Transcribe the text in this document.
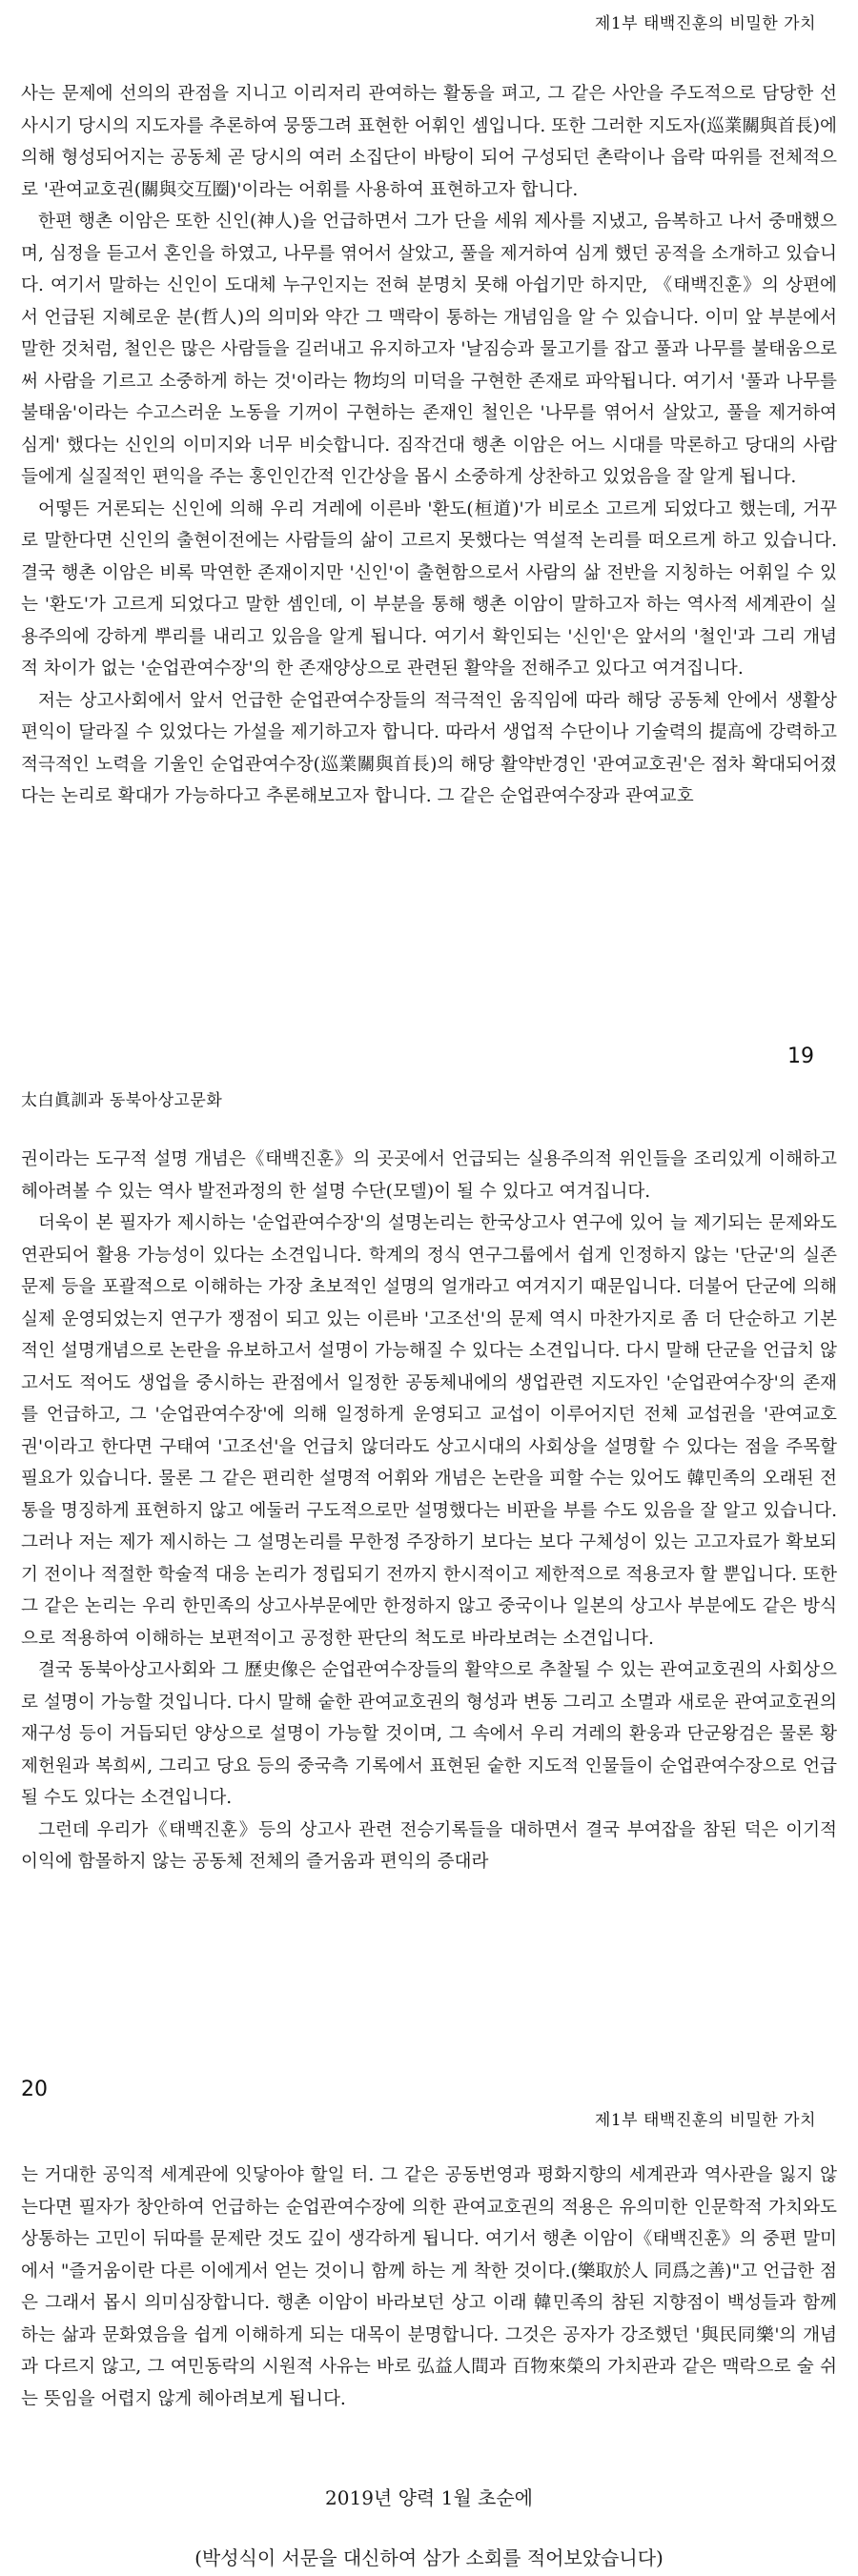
제1부 태백진훈의 비밀한 가치

사는 문제에 선의의 관점을 지니고 이리저리 관여하는 활동을 펴고, 그 같은 사안을 주도적으로 담당한 선사시기 당시의 지도자를 추론하여 뭉뚱그려 표현한 어휘인 셈입니다. 또한 그러한 지도자(巡業關與首長)에 의해 형성되어지는 공동체 곧 당시의 여러 소집단이 바탕이 되어 구성되던 촌락이나 읍락 따위를 전체적으로 '관여교호권(關與交互圈)'이라는 어휘를 사용하여 표현하고자 합니다.

한편 행촌 이암은 또한 신인(神人)을 언급하면서 그가 단을 세워 제사를 지냈고, 음복하고 나서 중매했으며, 심정을 듣고서 혼인을 하였고, 나무를 엮어서 살았고, 풀을 제거하여 심게 했던 공적을 소개하고 있습니다. 여기서 말하는 신인이 도대체 누구인지는 전혀 분명치 못해 아쉽기만 하지만, 《태백진훈》의 상편에서 언급된 지혜로운 분(哲人)의 의미와 약간 그 맥락이 통하는 개념임을 알 수 있습니다. 이미 앞 부분에서 말한 것처럼, 철인은 많은 사람들을 길러내고 유지하고자 '날짐승과 물고기를 잡고 풀과 나무를 불태움으로써 사람을 기르고 소중하게 하는 것'이라는 物均의 미덕을 구현한 존재로 파악됩니다. 여기서 '풀과 나무를 불태움'이라는 수고스러운 노동을 기꺼이 구현하는 존재인 철인은 '나무를 엮어서 살았고, 풀을 제거하여 심게' 했다는 신인의 이미지와 너무 비슷합니다. 짐작건대 행촌 이암은 어느 시대를 막론하고 당대의 사람들에게 실질적인 편익을 주는 홍인인간적 인간상을 몹시 소중하게 상찬하고 있었음을 잘 알게 됩니다.

어떻든 거론되는 신인에 의해 우리 겨레에 이른바 '환도(桓道)'가 비로소 고르게 되었다고 했는데, 거꾸로 말한다면 신인의 출현이전에는 사람들의 삶이 고르지 못했다는 역설적 논리를 떠오르게 하고 있습니다. 결국 행촌 이암은 비록 막연한 존재이지만 '신인'이 출현함으로서 사람의 삶 전반을 지칭하는 어휘일 수 있는 '환도'가 고르게 되었다고 말한 셈인데, 이 부분을 통해 행촌 이암이 말하고자 하는 역사적 세계관이 실용주의에 강하게 뿌리를 내리고 있음을 알게 됩니다. 여기서 확인되는 '신인'은 앞서의 '철인'과 그리 개념적 차이가 없는 '순업관여수장'의 한 존재양상으로 관련된 활약을 전해주고 있다고 여겨집니다.

저는 상고사회에서 앞서 언급한 순업관여수장들의 적극적인 움직임에 따라 해당 공동체 안에서 생활상 편익이 달라질 수 있었다는 가설을 제기하고자 합니다. 따라서 생업적 수단이나 기술력의 提高에 강력하고 적극적인 노력을 기울인 순업관여수장(巡業關與首長)의 해당 활약반경인 '관여교호권'은 점차 확대되어졌다는 논리로 확대가 가능하다고 추론해보고자 합니다. 그 같은 순업관여수장과 관여교호

19
太白眞訓과 동북아상고문화

권이라는 도구적 설명 개념은《태백진훈》의 곳곳에서 언급되는 실용주의적 위인들을 조리있게 이해하고 헤아려볼 수 있는 역사 발전과정의 한 설명 수단(모델)이 될 수 있다고 여겨집니다.

더욱이 본 필자가 제시하는 '순업관여수장'의 설명논리는 한국상고사 연구에 있어 늘 제기되는 문제와도 연관되어 활용 가능성이 있다는 소견입니다. 학계의 정식 연구그룹에서 쉽게 인정하지 않는 '단군'의 실존문제 등을 포괄적으로 이해하는 가장 초보적인 설명의 얼개라고 여겨지기 때문입니다. 더불어 단군에 의해 실제 운영되었는지 연구가 쟁점이 되고 있는 이른바 '고조선'의 문제 역시 마찬가지로 좀 더 단순하고 기본적인 설명개념으로 논란을 유보하고서 설명이 가능해질 수 있다는 소견입니다. 다시 말해 단군을 언급치 않고서도 적어도 생업을 중시하는 관점에서 일정한 공동체내에의 생업관련 지도자인 '순업관여수장'의 존재를 언급하고, 그 '순업관여수장'에 의해 일정하게 운영되고 교섭이 이루어지던 전체 교섭권을 '관여교호권'이라고 한다면 구태여 '고조선'을 언급치 않더라도 상고시대의 사회상을 설명할 수 있다는 점을 주목할 필요가 있습니다. 물론 그 같은 편리한 설명적 어휘와 개념은 논란을 피할 수는 있어도 韓민족의 오래된 전통을 명징하게 표현하지 않고 에둘러 구도적으로만 설명했다는 비판을 부를 수도 있음을 잘 알고 있습니다. 그러나 저는 제가 제시하는 그 설명논리를 무한정 주장하기 보다는 보다 구체성이 있는 고고자료가 확보되기 전이나 적절한 학술적 대응 논리가 정립되기 전까지 한시적이고 제한적으로 적용코자 할 뿐입니다. 또한 그 같은 논리는 우리 한민족의 상고사부문에만 한정하지 않고 중국이나 일본의 상고사 부분에도 같은 방식으로 적용하여 이해하는 보편적이고 공정한 판단의 척도로 바라보려는 소견입니다.

결국 동북아상고사회와 그 歷史像은 순업관여수장들의 활약으로 추찰될 수 있는 관여교호권의 사회상으로 설명이 가능할 것입니다. 다시 말해 숱한 관여교호권의 형성과 변동 그리고 소멸과 새로운 관여교호권의 재구성 등이 거듭되던 양상으로 설명이 가능할 것이며, 그 속에서 우리 겨레의 환웅과 단군왕검은 물론 황제헌원과 복희씨, 그리고 당요 등의 중국측 기록에서 표현된 숱한 지도적 인물들이 순업관여수장으로 언급될 수도 있다는 소견입니다.

그런데 우리가《태백진훈》등의 상고사 관련 전승기록들을 대하면서 결국 부여잡을 참된 덕은 이기적 이익에 함몰하지 않는 공동체 전체의 즐거움과 편익의 증대라

20
제1부 태백진훈의 비밀한 가치

는 거대한 공익적 세계관에 잇닿아야 할일 터. 그 같은 공동번영과 평화지향의 세계관과 역사관을 잃지 않는다면 필자가 창안하여 언급하는 순업관여수장에 의한 관여교호권의 적용은 유의미한 인문학적 가치와도 상통하는 고민이 뒤따를 문제란 것도 깊이 생각하게 됩니다. 여기서 행촌 이암이《태백진훈》의 중편 말미에서 "즐거움이란 다른 이에게서 얻는 것이니 함께 하는 게 착한 것이다.(樂取於人 同爲之善)"고 언급한 점은 그래서 몹시 의미심장합니다. 행촌 이암이 바라보던 상고 이래 韓민족의 참된 지향점이 백성들과 함께 하는 삶과 문화였음을 쉽게 이해하게 되는 대목이 분명합니다. 그것은 공자가 강조했던 '與民同樂'의 개념과 다르지 않고, 그 여민동락의 시원적 사유는 바로 弘益人間과 百物來榮의 가치관과 같은 맥락으로 술 쉬는 뜻임을 어렵지 않게 헤아려보게 됩니다.

2019년 양력 1월 초순에
(박성식이 서문을 대신하여 삼가 소회를 적어보았습니다)
